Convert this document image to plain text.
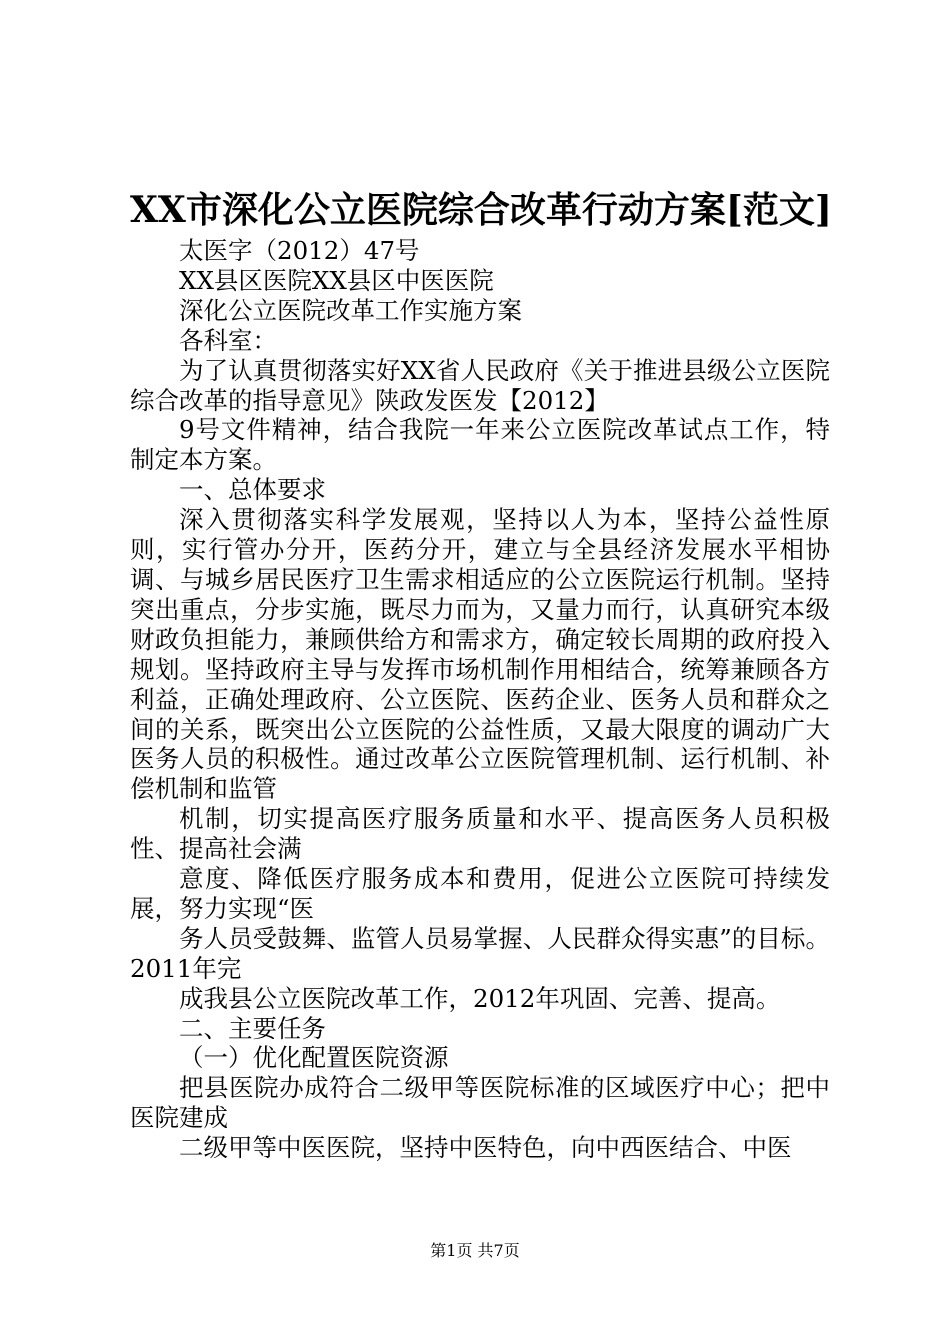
XX市深化公立医院综合改革行动方案[范文]

太医字（2012）47号

XX县区医院XX县区中医医院

深化公立医院改革工作实施方案

各科室：

为了认真贯彻落实好XX省人民政府《关于推进县级公立医院综合改革的指导意见》陕政发医发【2012】

9号文件精神，结合我院一年来公立医院改革试点工作，特制定本方案。

一、总体要求

深入贯彻落实科学发展观，坚持以人为本，坚持公益性原则，实行管办分开，医药分开，建立与全县经济发展水平相协调、与城乡居民医疗卫生需求相适应的公立医院运行机制。坚持突出重点，分步实施，既尽力而为，又量力而行，认真研究本级财政负担能力，兼顾供给方和需求方，确定较长周期的政府投入规划。坚持政府主导与发挥市场机制作用相结合，统筹兼顾各方利益，正确处理政府、公立医院、医药企业、医务人员和群众之间的关系，既突出公立医院的公益性质，又最大限度的调动广大医务人员的积极性。通过改革公立医院管理机制、运行机制、补偿机制和监管

机制，切实提高医疗服务质量和水平、提高医务人员积极性、提高社会满

意度、降低医疗服务成本和费用，促进公立医院可持续发展，努力实现“医

务人员受鼓舞、监管人员易掌握、人民群众得实惠”的目标。2011年完

成我县公立医院改革工作，2012年巩固、完善、提高。

二、主要任务

（一）优化配置医院资源

把县医院办成符合二级甲等医院标准的区域医疗中心；把中医院建成

二级甲等中医医院，坚持中医特色，向中西医结合、中医

第1页 共7页
